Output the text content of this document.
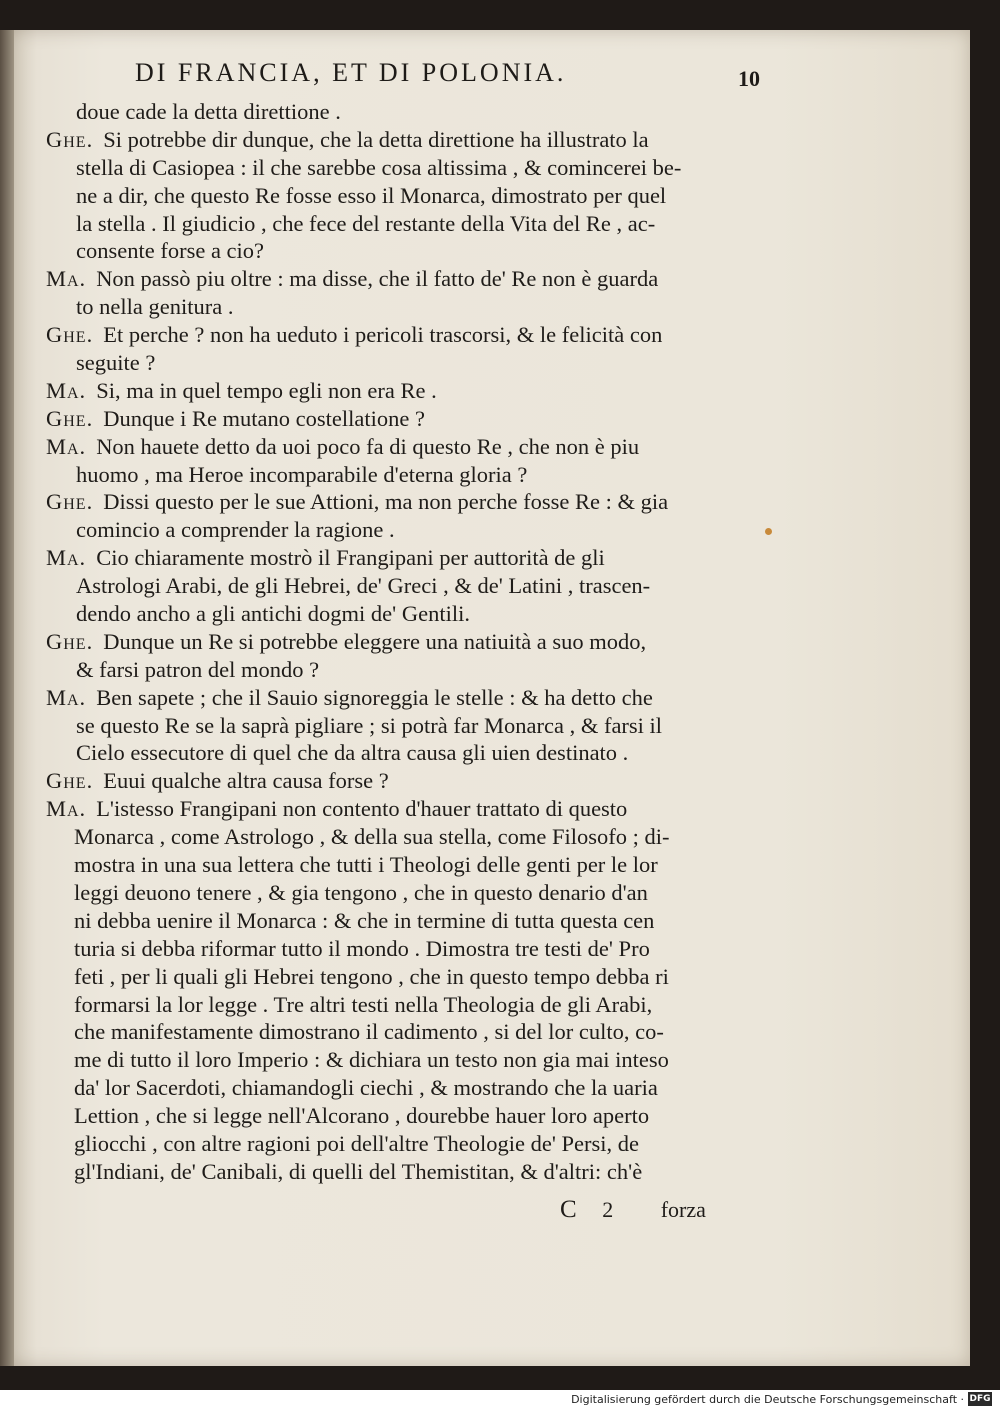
DI FRANCIA, ET DI POLONIA.	10
doue cade la detta direttione .
Ghe. Si potrebbe dir dunque, che la detta direttione ha illustrato la
stella di Casiopea : il che sarebbe cosa altissima , & comincerei be-
ne a dir, che questo Re fosse esso il Monarca, dimostrato per quel
la stella . Il giudicio , che fece del restante della Vita del Re , ac-
consente forse a cio?
Ma. Non passò piu oltre : ma disse, che il fatto de' Re non è guarda
to nella genitura .
Ghe. Et perche ? non ha ueduto i pericoli trascorsi, & le felicità con
seguite ?
Ma. Si, ma in quel tempo egli non era Re .
Ghe. Dunque i Re mutano costellatione ?
Ma. Non hauete detto da uoi poco fa di questo Re , che non è piu
huomo , ma Heroe incomparabile d'eterna gloria ?
Ghe. Dissi questo per le sue Attioni, ma non perche fosse Re : & gia
comincio a comprender la ragione .
Ma. Cio chiaramente mostrò il Frangipani per auttorità de gli
Astrologi Arabi, de gli Hebrei, de' Greci , & de' Latini , trascen-
dendo ancho a gli antichi dogmi de' Gentili.
Ghe. Dunque un Re si potrebbe eleggere una natiuità a suo modo,
& farsi patron del mondo ?
Ma. Ben sapete ; che il Sauio signoreggia le stelle : & ha detto che
se questo Re se la saprà pigliare ; si potrà far Monarca , & farsi il
Cielo essecutore di quel che da altra causa gli uien destinato .
Ghe. Euui qualche altra causa forse ?
Ma. L'istesso Frangipani non contento d'hauer trattato di questo
Monarca , come Astrologo , & della sua stella, come Filosofo ; di-
mostra in una sua lettera che tutti i Theologi delle genti per le lor
leggi deuono tenere , & gia tengono , che in questo denario d'an
ni debba uenire il Monarca : & che in termine di tutta questa cen
turia si debba riformar tutto il mondo . Dimostra tre testi de' Pro
feti , per li quali gli Hebrei tengono , che in questo tempo debba ri
formarsi la lor legge . Tre altri testi nella Theologia de gli Arabi,
che manifestamente dimostrano il cadimento , si del lor culto, co-
me di tutto il loro Imperio : & dichiara un testo non gia mai inteso
da' lor Sacerdoti, chiamandogli ciechi , & mostrando che la uaria
Lettion , che si legge nell'Alcorano , dourebbe hauer loro aperto
gliocchi , con altre ragioni poi dell'altre Theologie de' Persi, de
gl'Indiani, de' Canibali, di quelli del Themistitan, & d'altri: ch'è
C 2 forza
Digitalisierung gefördert durch die Deutsche Forschungsgemeinschaft · DFG
